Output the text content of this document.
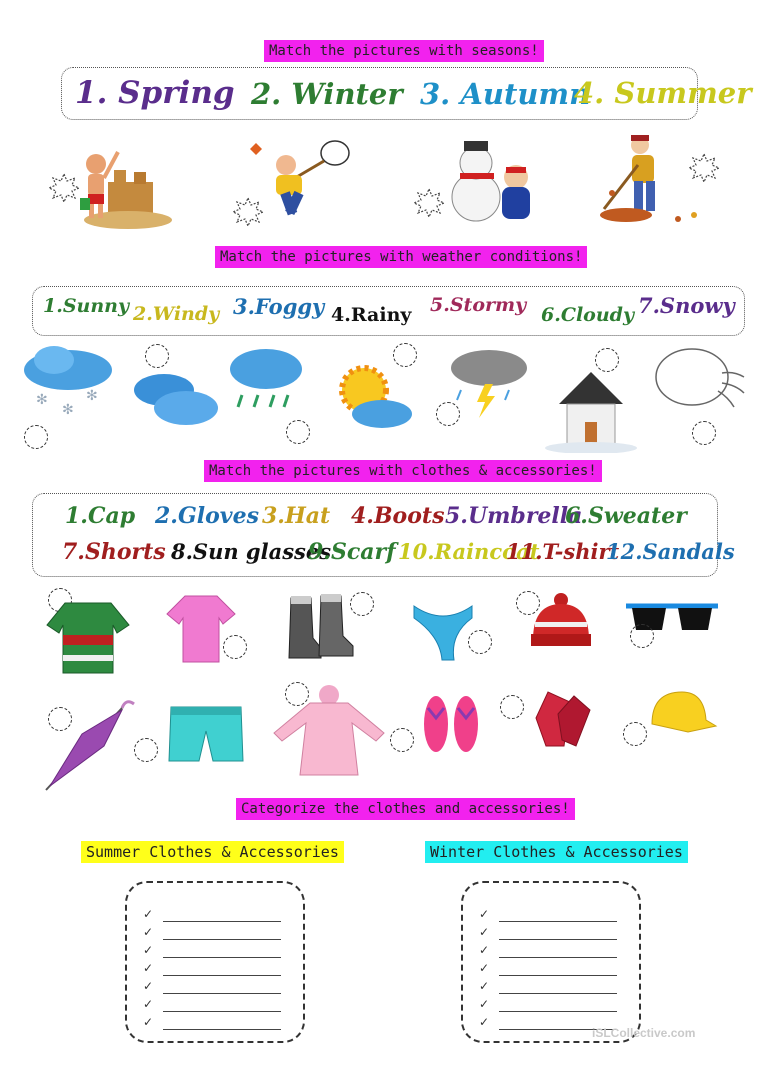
Match the pictures with seasons!
1. Spring 2. Winter 3. Autumn
4. Summer
Match the pictures with weather conditions!
1.Sunny 2.Windy 3.Foggy 4.Rainy 5.Stormy 6.Cloudy 7.Snowy
✻
✻
✻
Match the pictures with clothes & accessories!
1.Cap 2.Gloves 3.Hat 4.Boots 5.Umbrella
6.Sweater
7.Shorts 8.Sun glasses
9.Scarf 10.Raincoat
11.T-shirt
12.Sandals
Categorize the clothes and accessories!
Summer Clothes & Accessories	Winter Clothes & Accessories
✓
✓
✓
✓
✓
✓
✓
✓
✓
✓
✓
✓
✓
✓
iSLCollective.com
